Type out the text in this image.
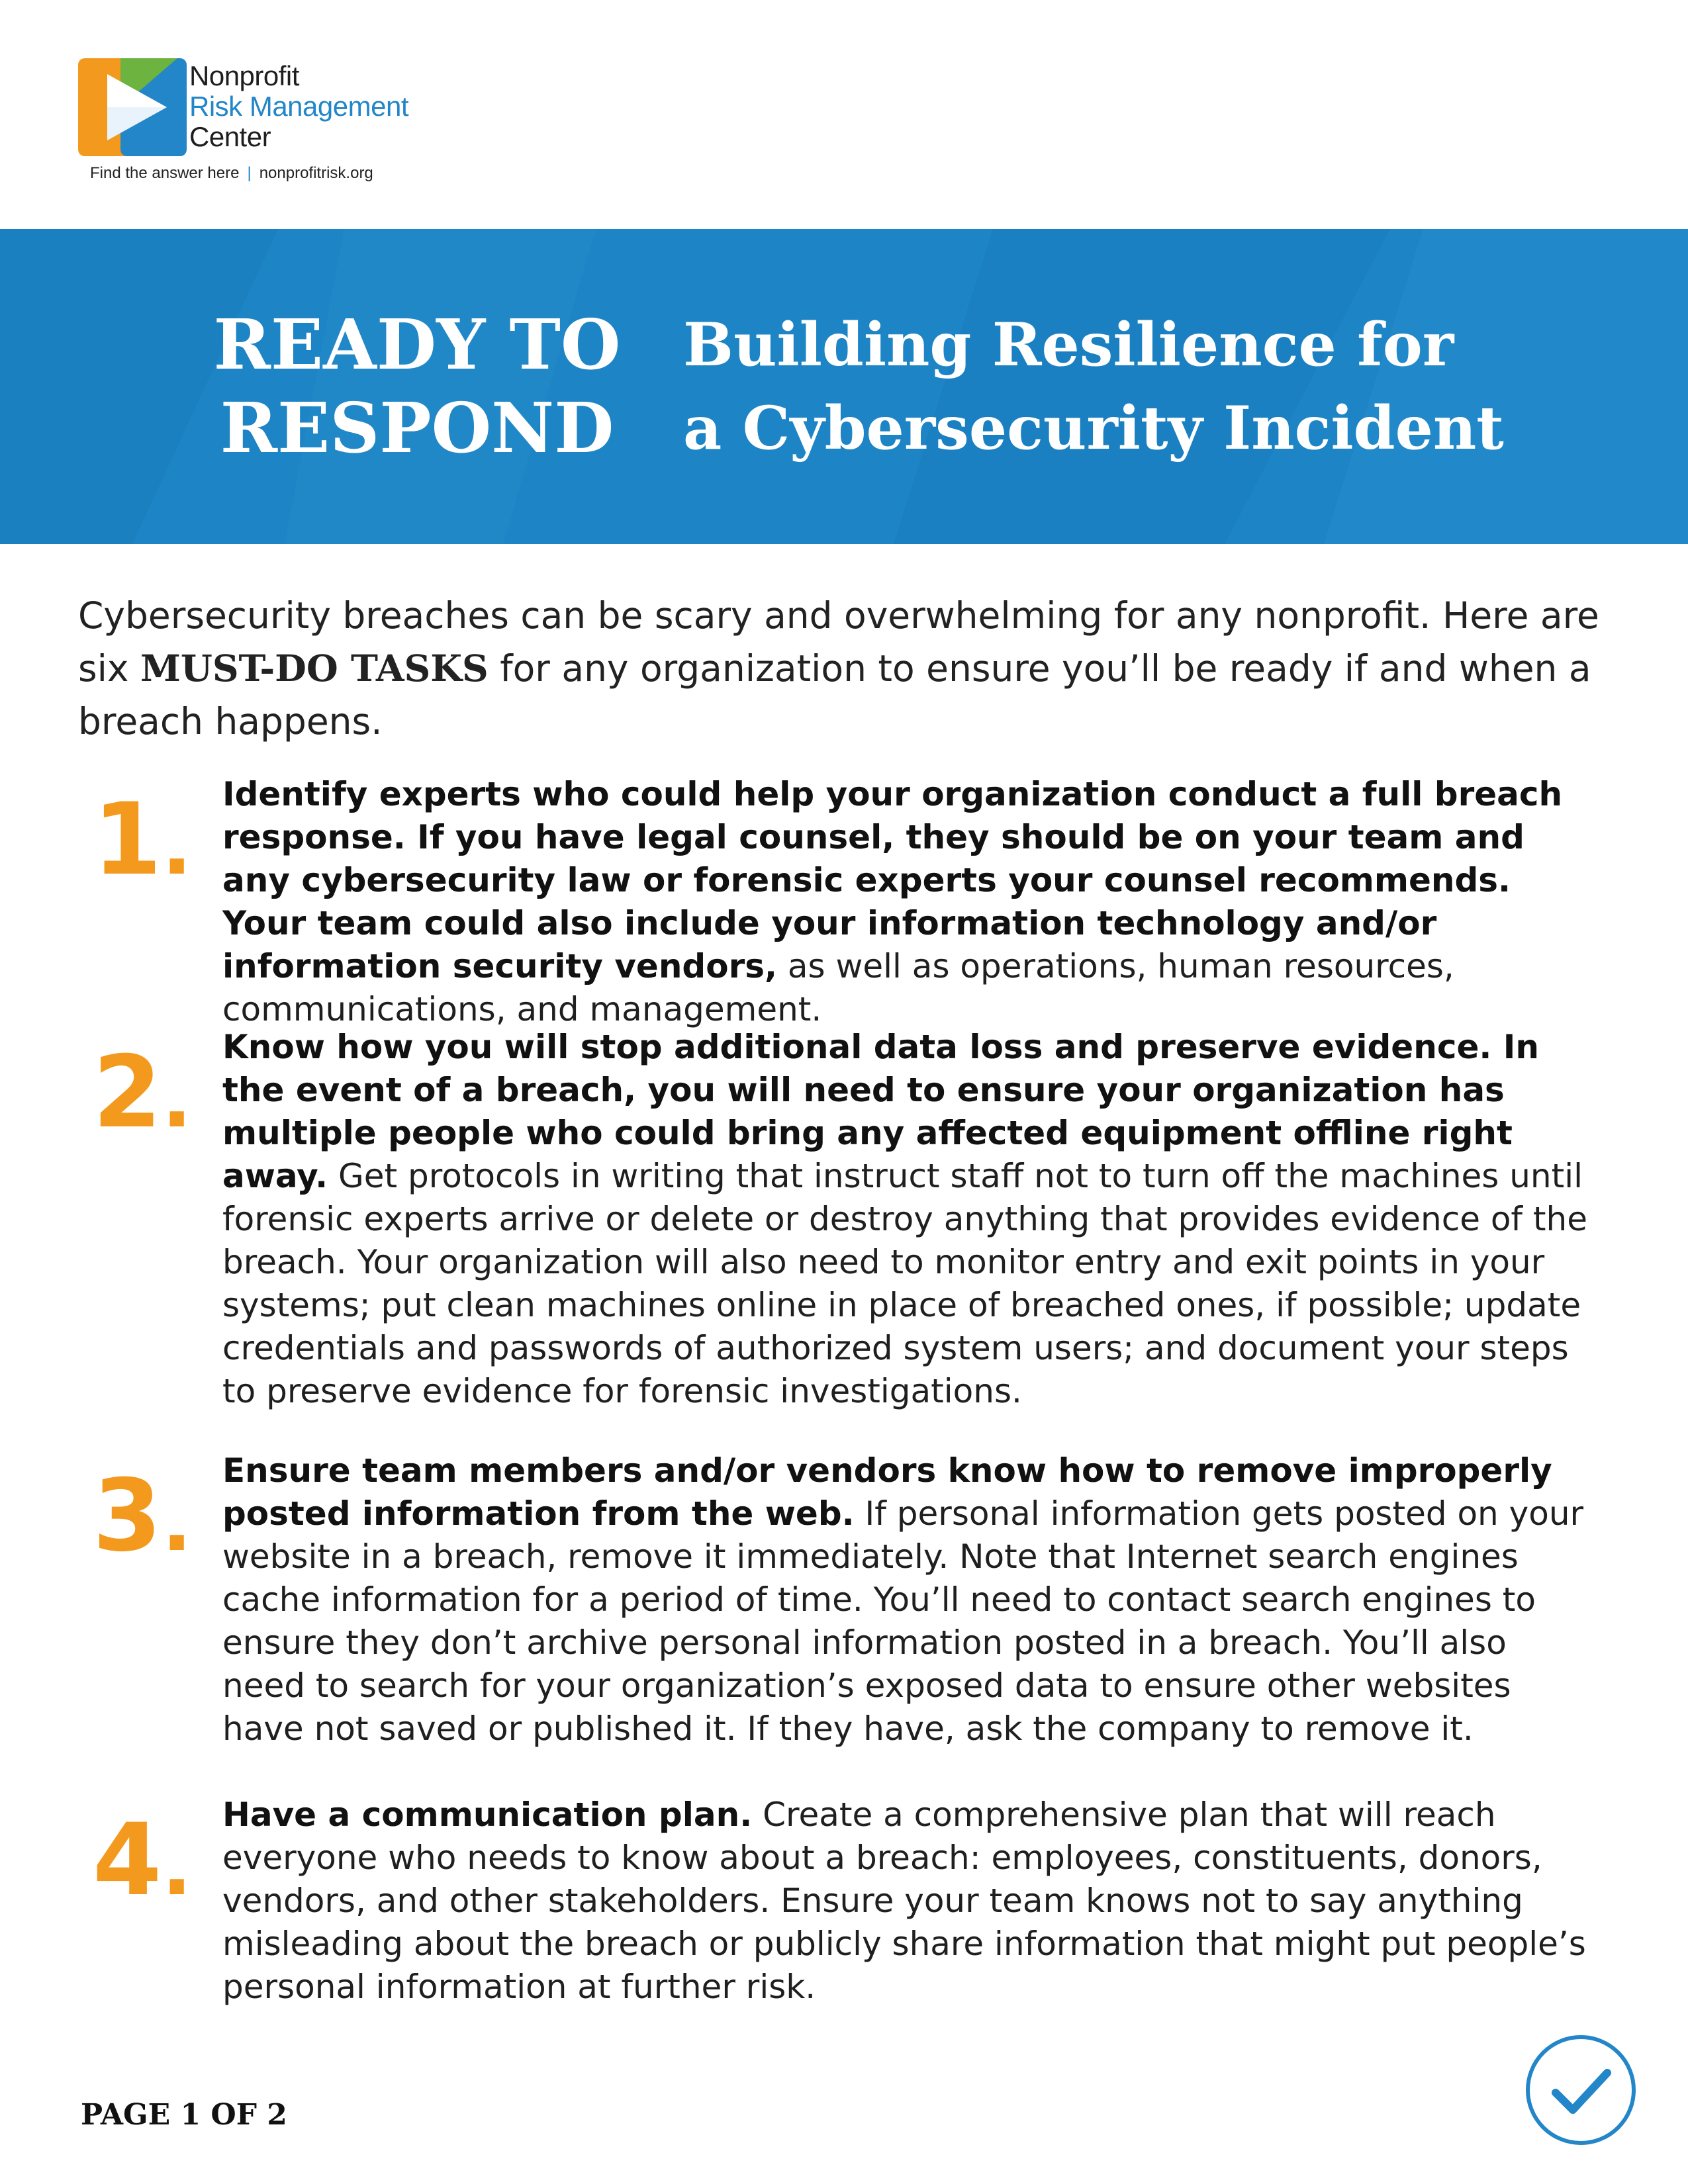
Nonprofit
Risk Management
Center
Find the answer here | nonprofitrisk.org
READY TO
RESPOND
Building Resilience for
a Cybersecurity Incident
Cybersecurity breaches can be scary and overwhelming for any nonprofit. Here are six MUST-DO TASKS for any organization to ensure you’ll be ready if and when a breach happens.
1.
Identify experts who could help your organization conduct a full breach response. If you have legal counsel, they should be on your team and any cybersecurity law or forensic experts your counsel recommends. Your team could also include your information technology and/or information security vendors, as well as operations, human resources, communications, and management.
2.
Know how you will stop additional data loss and preserve evidence. In the event of a breach, you will need to ensure your organization has multiple people who could bring any affected equipment offline right away. Get protocols in writing that instruct staff not to turn off the machines until forensic experts arrive or delete or destroy anything that provides evidence of the breach. Your organization will also need to monitor entry and exit points in your systems; put clean machines online in place of breached ones, if possible; update credentials and passwords of authorized system users; and document your steps to preserve evidence for forensic investigations.
3.
Ensure team members and/or vendors know how to remove improperly posted information from the web. If personal information gets posted on your website in a breach, remove it immediately. Note that Internet search engines cache information for a period of time. You’ll need to contact search engines to ensure they don’t archive personal information posted in a breach. You’ll also need to search for your organization’s exposed data to ensure other websites have not saved or published it. If they have, ask the company to remove it.
4.
Have a communication plan. Create a comprehensive plan that will reach everyone who needs to know about a breach: employees, constituents, donors, vendors, and other stakeholders. Ensure your team knows not to say anything misleading about the breach or publicly share information that might put people’s personal information at further risk.
PAGE 1 OF 2
